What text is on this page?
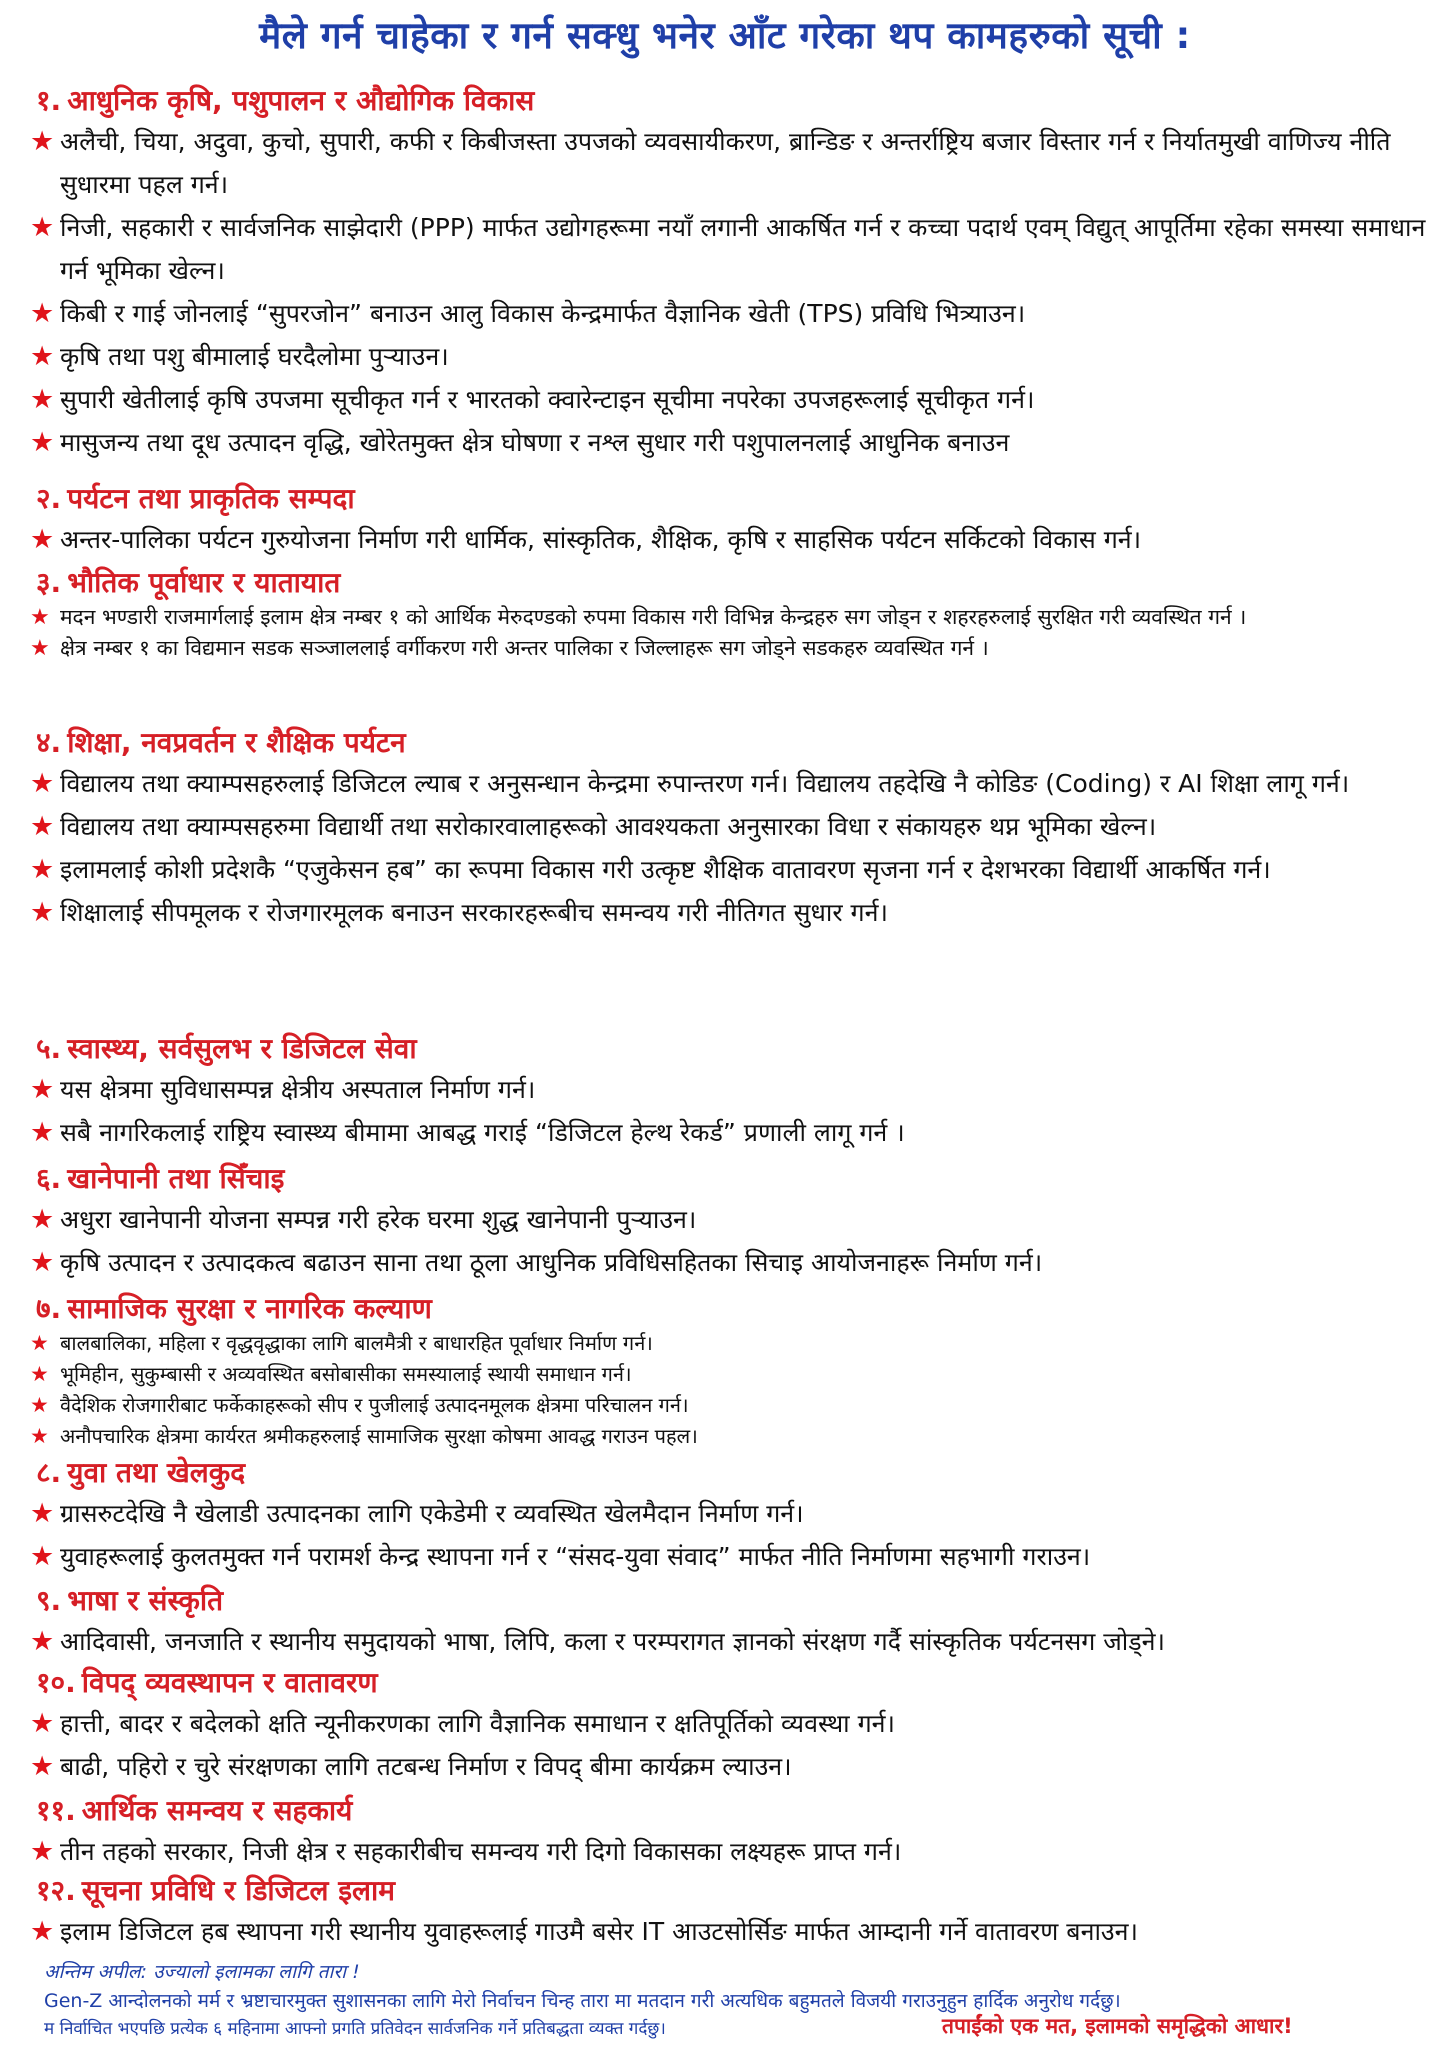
मैले गर्न चाहेका र गर्न सक्धु भनेर आँट गरेका थप कामहरुको सूची :
१. आधुनिक कृषि, पशुपालन र औद्योगिक विकास
★ अलैची, चिया, अदुवा, कुचो, सुपारी, कफी र किबीजस्ता उपजको व्यवसायीकरण, ब्रान्डिङ र अन्तर्राष्ट्रिय बजार विस्तार गर्न र निर्यातमुखी वाणिज्य नीति सुधारमा पहल गर्न।
★ निजी, सहकारी र सार्वजनिक साझेदारी (PPP) मार्फत उद्योगहरूमा नयाँ लगानी आकर्षित गर्न र कच्चा पदार्थ एवम् विद्युत् आपूर्तिमा रहेका समस्या समाधान गर्न भूमिका खेल्न।
★ किबी र गाई जोनलाई “सुपरजोन” बनाउन आलु विकास केन्द्रमार्फत वैज्ञानिक खेती (TPS) प्रविधि भित्र्याउन।
★ कृषि तथा पशु बीमालाई घरदैलोमा पुर्‍याउन।
★ सुपारी खेतीलाई कृषि उपजमा सूचीकृत गर्न र भारतको क्वारेन्टाइन सूचीमा नपरेका उपजहरूलाई सूचीकृत गर्न।
★ मासुजन्य तथा दूध उत्पादन वृद्धि, खोरेतमुक्त क्षेत्र घोषणा र नश्ल सुधार गरी पशुपालनलाई आधुनिक बनाउन
२. पर्यटन तथा प्राकृतिक सम्पदा
★ अन्तर-पालिका पर्यटन गुरुयोजना निर्माण गरी धार्मिक, सांस्कृतिक, शैक्षिक, कृषि र साहसिक पर्यटन सर्किटको विकास गर्न।
३. भौतिक पूर्वाधार र यातायात
★ मदन भण्डारी राजमार्गलाई इलाम क्षेत्र नम्बर १ को आर्थिक मेरुदण्डको रुपमा विकास गरी विभिन्न केन्द्रहरु सग जोड्न र शहरहरुलाई सुरक्षित गरी व्यवस्थित गर्न ।
★ क्षेत्र नम्बर १ का विद्यमान सडक सञ्जाललाई वर्गीकरण गरी अन्तर पालिका र जिल्लाहरू सग जोड्ने सडकहरु व्यवस्थित गर्न ।
४. शिक्षा, नवप्रवर्तन र शैक्षिक पर्यटन
★ विद्यालय तथा क्याम्पसहरुलाई डिजिटल ल्याब र अनुसन्धान केन्द्रमा रुपान्तरण गर्न। विद्यालय तहदेखि नै कोडिङ (Coding) र AI शिक्षा लागू गर्न।
★ विद्यालय तथा क्याम्पसहरुमा विद्यार्थी तथा सरोकारवालाहरूको आवश्यकता अनुसारका विधा र संकायहरु थप्न भूमिका खेल्न।
★ इलामलाई कोशी प्रदेशकै “एजुकेसन हब” का रूपमा विकास गरी उत्कृष्ट शैक्षिक वातावरण सृजना गर्न र देशभरका विद्यार्थी आकर्षित गर्न।
★ शिक्षालाई सीपमूलक र रोजगारमूलक बनाउन सरकारहरूबीच समन्वय गरी नीतिगत सुधार गर्न।
५. स्वास्थ्य, सर्वसुलभ र डिजिटल सेवा
★ यस क्षेत्रमा सुविधासम्पन्न क्षेत्रीय अस्पताल निर्माण गर्न।
★ सबै नागरिकलाई राष्ट्रिय स्वास्थ्य बीमामा आबद्ध गराई “डिजिटल हेल्थ रेकर्ड” प्रणाली लागू गर्न ।
६. खानेपानी तथा सिँचाइ
★ अधुरा खानेपानी योजना सम्पन्न गरी हरेक घरमा शुद्ध खानेपानी पुर्‍याउन।
★ कृषि उत्पादन र उत्पादकत्व बढाउन साना तथा ठूला आधुनिक प्रविधिसहितका सिचाइ आयोजनाहरू निर्माण गर्न।
७. सामाजिक सुरक्षा र नागरिक कल्याण
★ बालबालिका, महिला र वृद्धवृद्धाका लागि बालमैत्री र बाधारहित पूर्वाधार निर्माण गर्न।
★ भूमिहीन, सुकुम्बासी र अव्यवस्थित बसोबासीका समस्यालाई स्थायी समाधान गर्न।
★ वैदेशिक रोजगारीबाट फर्केकाहरूको सीप र पुजीलाई उत्पादनमूलक क्षेत्रमा परिचालन गर्न।
★ अनौपचारिक क्षेत्रमा कार्यरत श्रमीकहरुलाई सामाजिक सुरक्षा कोषमा आवद्ध गराउन पहल।
८. युवा तथा खेलकुद
★ ग्रासरुटदेखि नै खेलाडी उत्पादनका लागि एकेडेमी र व्यवस्थित खेलमैदान निर्माण गर्न।
★ युवाहरूलाई कुलतमुक्त गर्न परामर्श केन्द्र स्थापना गर्न र “संसद-युवा संवाद” मार्फत नीति निर्माणमा सहभागी गराउन।
९. भाषा र संस्कृति
★ आदिवासी, जनजाति र स्थानीय समुदायको भाषा, लिपि, कला र परम्परागत ज्ञानको संरक्षण गर्दै सांस्कृतिक पर्यटनसग जोड्ने।
१०. विपद् व्यवस्थापन र वातावरण
★ हात्ती, बादर र बदेलको क्षति न्यूनीकरणका लागि वैज्ञानिक समाधान र क्षतिपूर्तिको व्यवस्था गर्न।
★ बाढी, पहिरो र चुरे संरक्षणका लागि तटबन्ध निर्माण र विपद् बीमा कार्यक्रम ल्याउन।
११. आर्थिक समन्वय र सहकार्य
★ तीन तहको सरकार, निजी क्षेत्र र सहकारीबीच समन्वय गरी दिगो विकासका लक्ष्यहरू प्राप्त गर्न।
१२. सूचना प्रविधि र डिजिटल इलाम
★ इलाम डिजिटल हब स्थापना गरी स्थानीय युवाहरूलाई गाउमै बसेर IT आउटसोर्सिङ मार्फत आम्दानी गर्ने वातावरण बनाउन।
अन्तिम अपील: उज्यालो इलामका लागि तारा !
Gen-Z आन्दोलनको मर्म र भ्रष्टाचारमुक्त सुशासनका लागि मेरो निर्वाचन चिन्ह तारा मा मतदान गरी अत्यधिक बहुमतले विजयी गराउनुहुन हार्दिक अनुरोध गर्दछु।
म निर्वाचित भएपछि प्रत्येक ६ महिनामा आफ्नो प्रगति प्रतिवेदन सार्वजनिक गर्ने प्रतिबद्धता व्यक्त गर्दछु।	तपाईंको एक मत, इलामको समृद्धिको आधार!
